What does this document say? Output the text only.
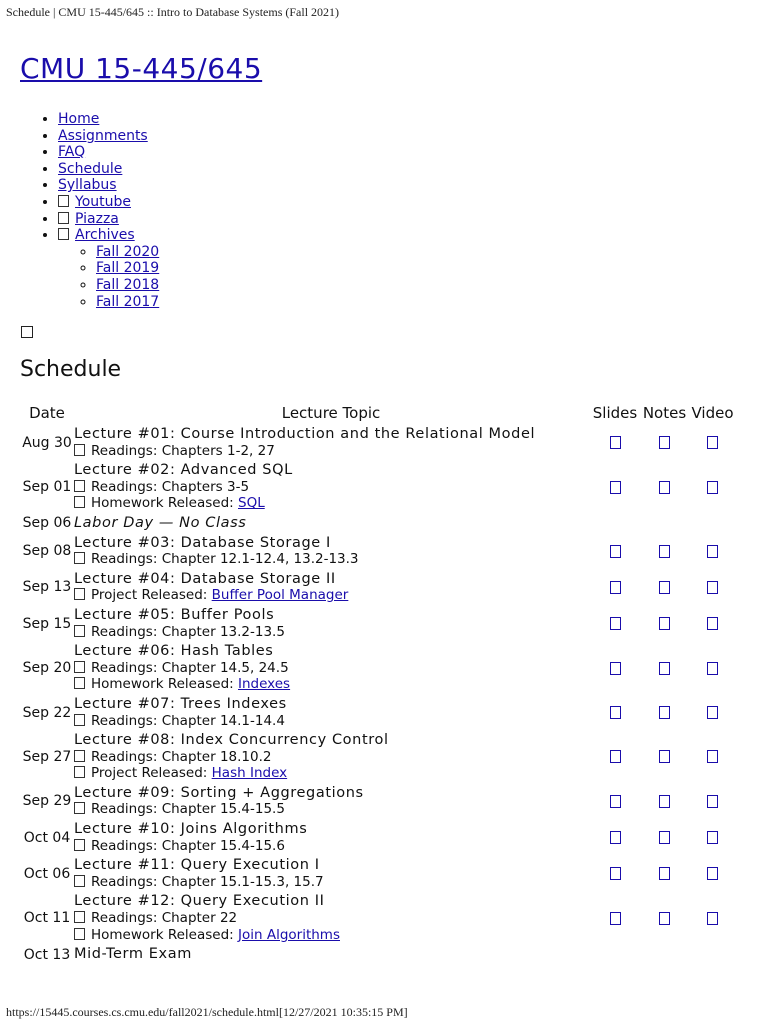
Schedule | CMU 15-445/645 :: Intro to Database Systems (Fall 2021)
CMU 15-445/645
• Home
• Assignments
• FAQ
• Schedule
• Syllabus
• Youtube
• Piazza
• Archives
◦ Fall 2020
◦ Fall 2019
◦ Fall 2018
◦ Fall 2017
Schedule
Date	Lecture Topic	Slides	Notes	Video
Aug 30	Lecture #01: Course Introduction and the Relational Model
Readings: Chapters 1-2, 27			

Sep 01	Lecture #02: Advanced SQL
Readings: Chapters 3-5
Homework Released: SQL			

Sep 06	Labor Day — No Class			

Sep 08	Lecture #03: Database Storage I
Readings: Chapter 12.1-12.4, 13.2-13.3			

Sep 13	Lecture #04: Database Storage II
Project Released: Buffer Pool Manager			

Sep 15	Lecture #05: Buffer Pools
Readings: Chapter 13.2-13.5			

Sep 20	Lecture #06: Hash Tables
Readings: Chapter 14.5, 24.5
Homework Released: Indexes			

Sep 22	Lecture #07: Trees Indexes
Readings: Chapter 14.1-14.4			

Sep 27	Lecture #08: Index Concurrency Control
Readings: Chapter 18.10.2
Project Released: Hash Index			

Sep 29	Lecture #09: Sorting + Aggregations
Readings: Chapter 15.4-15.5			

Oct 04	Lecture #10: Joins Algorithms
Readings: Chapter 15.4-15.6			

Oct 06	Lecture #11: Query Execution I
Readings: Chapter 15.1-15.3, 15.7			

Oct 11	Lecture #12: Query Execution II
Readings: Chapter 22
Homework Released: Join Algorithms			

Oct 13	Mid-Term Exam			

https://15445.courses.cs.cmu.edu/fall2021/schedule.html[12/27/2021 10:35:15 PM]
